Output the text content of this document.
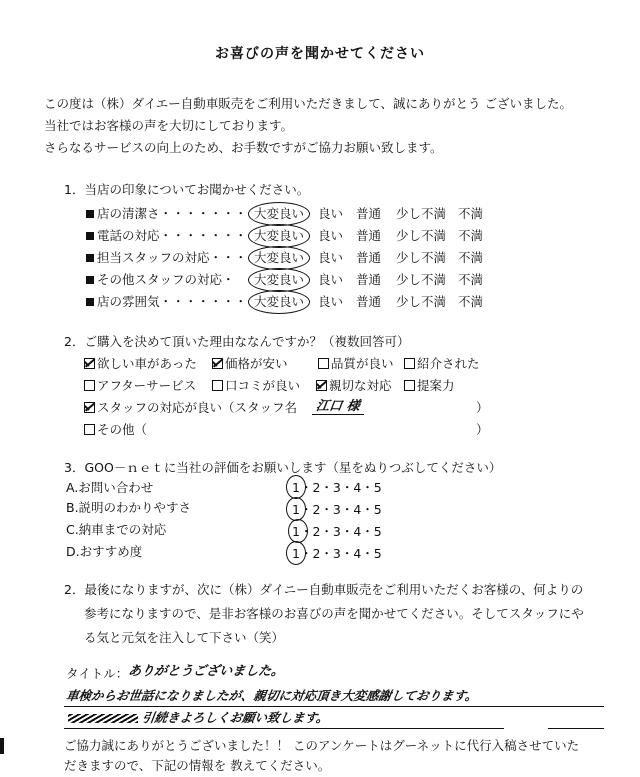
お喜びの声を聞かせてください
この度は（株）ダイエー自動車販売をご利用いただきまして、誠にありがとう ございました。
当社ではお客様の声を大切にしております。
さらなるサービスの向上のため、お手数ですがご協力お願い致します。
1．当店の印象についてお聞かせください。
店の清潔さ・・・・・・・ 大変良い 良い 普通 少し不満 不満
電話の対応・・・・・・・ 大変良い 良い 普通 少し不満 不満
担当スタッフの対応・・・ 大変良い 良い 普通 少し不満 不満
その他スタッフの対応・ 大変良い 良い 普通 少し不満 不満
店の雰囲気・・・・・・・ 大変良い 良い 普通 少し不満 不満
2．ご購入を決めて頂いた理由ななんですか？（複数回答可）
欲しい車があった	価格が安い	品質が良い	紹介された
アフターサービス	口コミが良い	親切な対応	提案力
スタッフの対応が良い（スタッフ名 江口 様	）
その他（	）
3．GOO－ｎｅｔに当社の評価をお願いします（星をぬりつぶしてください）
A.お問い合わせ	1・2・3・4・5
B.説明のわかりやすさ	1・2・3・4・5
C.納車までの対応	1・2・3・4・5
D.おすすめ度	1・2・3・4・5
2．最後になりますが、次に（株）ダイニー自動車販売をご利用いただくお客様の、何よりの
参考になりますので、是非お客様のお喜びの声を聞かせてください。そしてスタッフにや
る気と元気を注入して下さい（笑）
タイトル：
ありがとうございました。
車検からお世話になりましたが、親切に対応頂き大変感謝しております。
引続きよろしくお願い致します。
ご協力誠にありがとうございました！！ このアンケートはグーネットに代行入稿させていた
だきますので、下記の情報を 教えてください。
